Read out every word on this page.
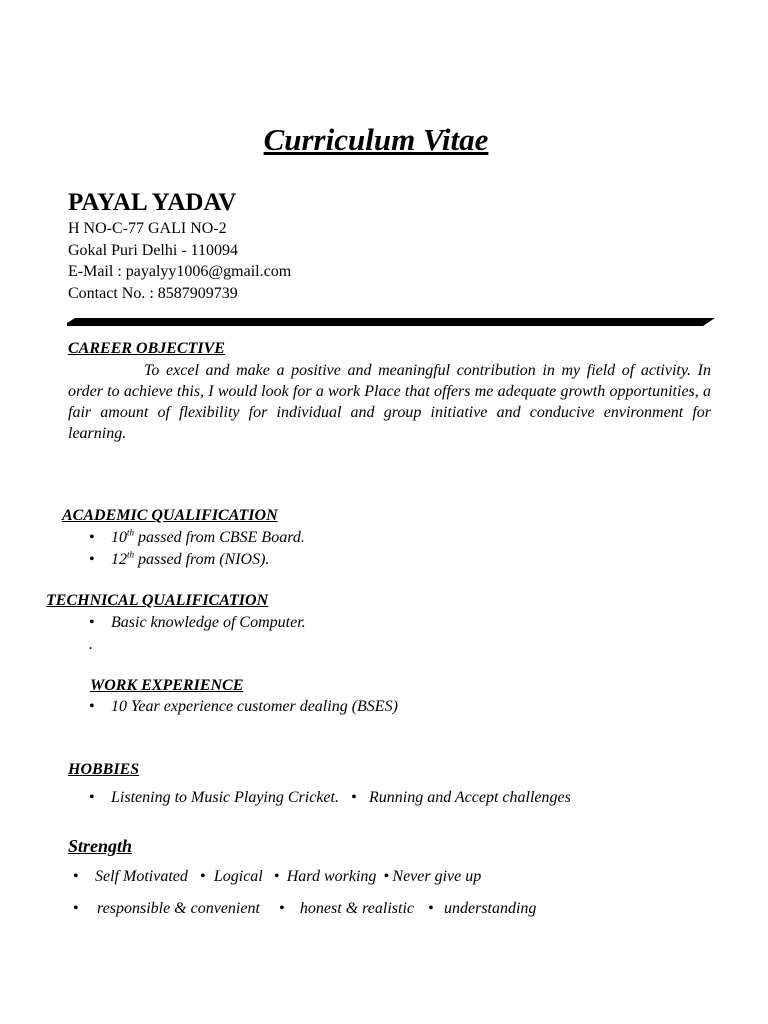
Curriculum Vitae
PAYAL YADAV
H NO-C-77 GALI NO-2
Gokal Puri Delhi - 110094
E-Mail : payalyy1006@gmail.com
Contact No. : 8587909739
CAREER OBJECTIVE
To excel and make a positive and meaningful contribution in my field of activity. In order to achieve this, I would look for a work Place that offers me adequate growth opportunities, a fair amount of flexibility for individual and group initiative and conducive environment for learning.
ACADEMIC QUALIFICATION
• 10th passed from CBSE Board.
• 12th passed from (NIOS).
TECHNICAL QUALIFICATION
• Basic knowledge of Computer.
.
WORK EXPERIENCE
• 10 Year experience customer dealing (BSES)
HOBBIES
• Listening to Music Playing Cricket. • Running and Accept challenges
Strength
• Self Motivated • Logical • Hard working • Never give up
• responsible & convenient • honest & realistic • understanding
